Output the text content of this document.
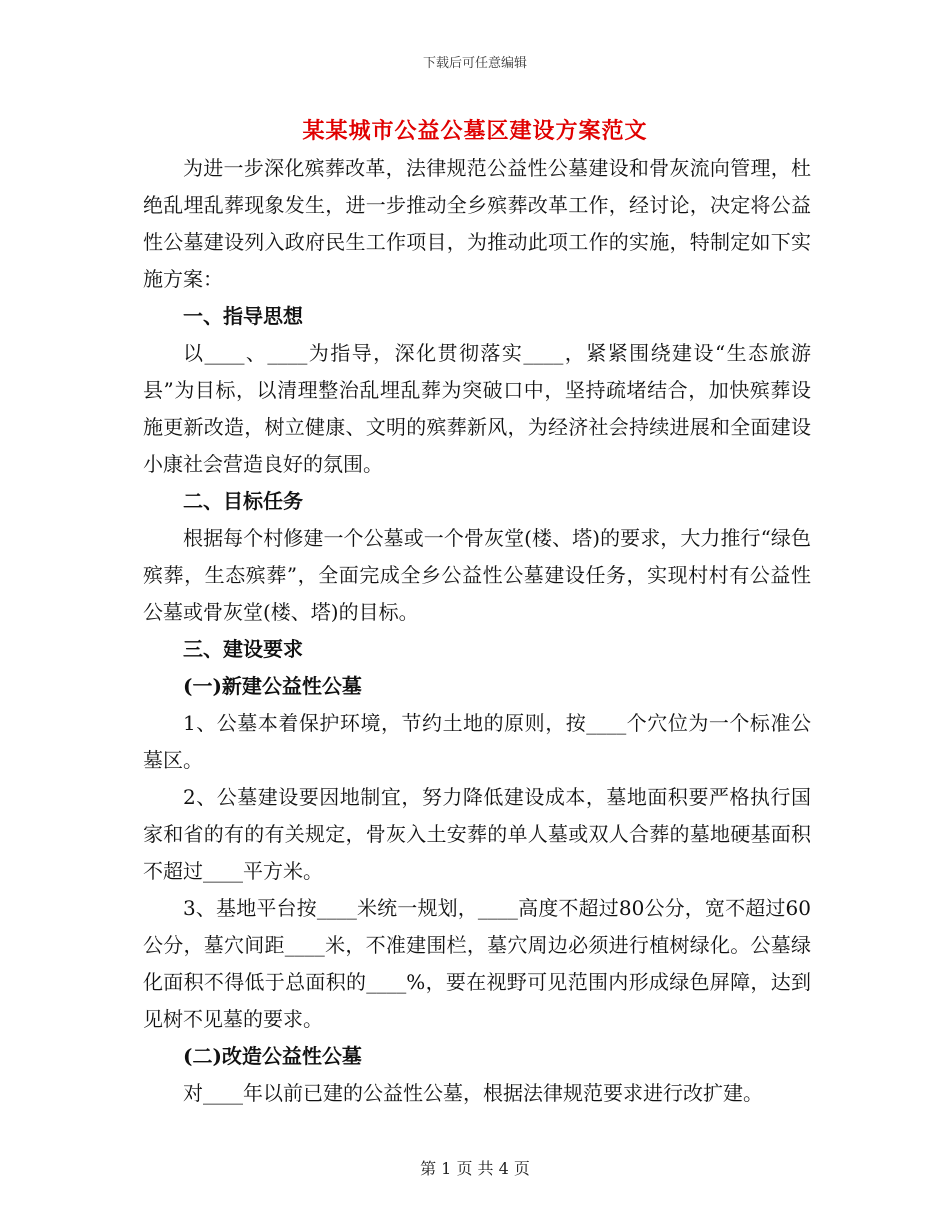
下载后可任意编辑
某某城市公益公墓区建设方案范文

为进一步深化殡葬改革，法律规范公益性公墓建设和骨灰流向管理，杜绝乱埋乱葬现象发生，进一步推动全乡殡葬改革工作，经讨论，决定将公益性公墓建设列入政府民生工作项目，为推动此项工作的实施，特制定如下实施方案：

一、指导思想

以____、____为指导，深化贯彻落实____，紧紧围绕建设“生态旅游县”为目标，以清理整治乱埋乱葬为突破口中，坚持疏堵结合，加快殡葬设施更新改造，树立健康、文明的殡葬新风，为经济社会持续进展和全面建设小康社会营造良好的氛围。

二、目标任务

根据每个村修建一个公墓或一个骨灰堂(楼、塔)的要求，大力推行“绿色殡葬，生态殡葬”，全面完成全乡公益性公墓建设任务，实现村村有公益性公墓或骨灰堂(楼、塔)的目标。

三、建设要求

(一)新建公益性公墓

1、公墓本着保护环境，节约土地的原则，按____个穴位为一个标准公墓区。

2、公墓建设要因地制宜，努力降低建设成本，墓地面积要严格执行国家和省的有的有关规定，骨灰入土安葬的单人墓或双人合葬的墓地硬基面积不超过____平方米。

3、基地平台按____米统一规划，____高度不超过80公分，宽不超过60公分，墓穴间距____米，不准建围栏，墓穴周边必须进行植树绿化。公墓绿化面积不得低于总面积的____%，要在视野可见范围内形成绿色屏障，达到见树不见墓的要求。

(二)改造公益性公墓

对____年以前已建的公益性公墓，根据法律规范要求进行改扩建。

第 1 页 共 4 页
